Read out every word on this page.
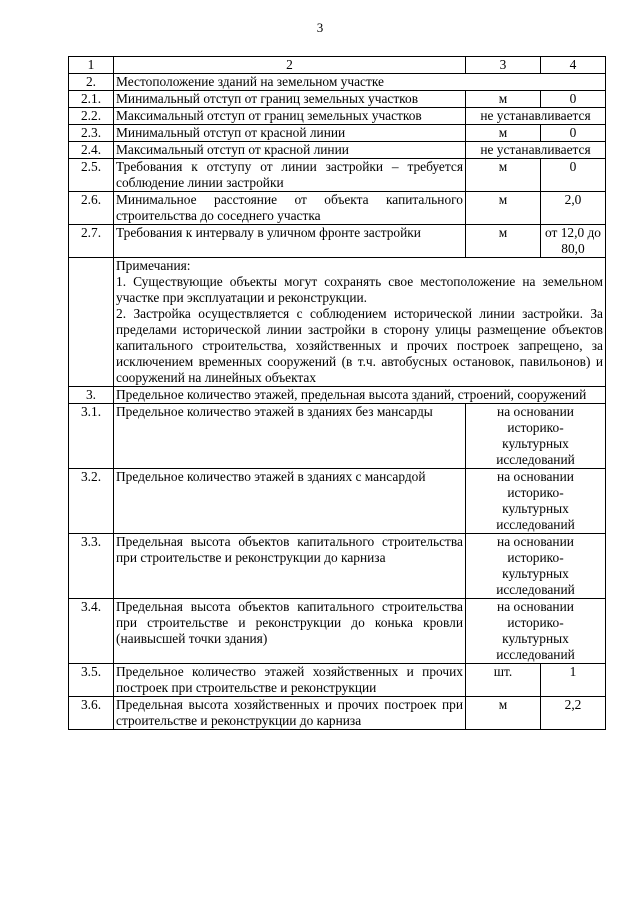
3
1	2	3	4
2.	Местоположение зданий на земельном участке		
2.1.	Минимальный отступ от границ земельных участков	м	0
2.2.	Максимальный отступ от границ земельных участков	не устанавливается	
2.3.	Минимальный отступ от красной линии	м	0
2.4.	Максимальный отступ от красной линии	не устанавливается	
2.5.	Требования к отступу от линии застройки – требуется соблюдение линии застройки	м	0
2.6.	Минимальное расстояние от объекта капитального строительства до соседнего участка	м	2,0
2.7.	Требования к интервалу в уличном фронте застройки	м	от 12,0 до 80,0

	Примечания:
1. Существующие объекты могут сохранять свое местоположение на земельном участке при эксплуатации и реконструкции.
2. Застройка осуществляется с соблюдением исторической линии застройки. За пределами исторической линии застройки в сторону улицы размещение объектов капитального строительства, хозяйственных и прочих построек запрещено, за исключением временных сооружений (в т.ч. автобусных остановок, павильонов) и сооружений на линейных объектах		

3.	Предельное количество этажей, предельная высота зданий, строений, сооружений		
3.1.	Предельное количество этажей в зданиях без мансарды	на основании историко-культурных исследований	
3.2.	Предельное количество этажей в зданиях с мансардой	на основании историко-культурных исследований	
3.3.	Предельная высота объектов капитального строительства при строительстве и реконструкции до карниза	на основании историко-культурных исследований	
3.4.	Предельная высота объектов капитального строительства при строительстве и реконструкции до конька кровли (наивысшей точки здания)	на основании историко-культурных исследований	
3.5.	Предельное количество этажей хозяйственных и прочих построек при строительстве и реконструкции	шт.	1
3.6.	Предельная высота хозяйственных и прочих построек при строительстве и реконструкции до карниза	м	2,2
